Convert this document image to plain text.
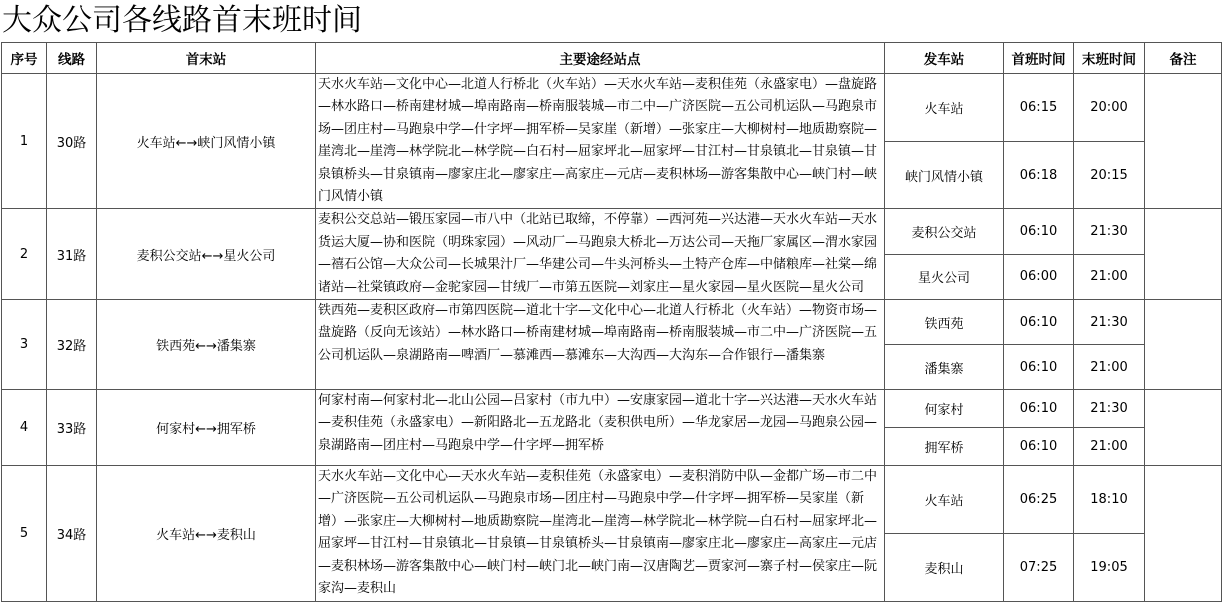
大众公司各线路首末班时间
序号	线路	首末站	主要途经站点	发车站	首班时间	末班时间	备注
1	30路	火车站←→峡门风情小镇	天水火车站—文化中心—北道人行桥北（火车站）—天水火车站—麦积佳苑（永盛家电）—盘旋路—林水路口—桥南建材城—埠南路南—桥南服装城—市二中—广济医院—五公司机运队—马跑泉市场—团庄村—马跑泉中学—什字坪—拥军桥—吴家崖（新增）—张家庄—大柳树村—地质勘察院—崖湾北—崖湾—林学院北—林学院—白石村—屈家坪北—屈家坪—甘江村—甘泉镇北—甘泉镇—甘泉镇桥头—甘泉镇南—廖家庄北—廖家庄—高家庄—元店—麦积林场—游客集散中心—峡门村—峡门风情小镇	火车站	06:15	20:00	
				峡门风情小镇	06:18	20:15	
2	31路	麦积公交站←→星火公司	麦积公交总站—锻压家园—市八中（北站已取缔，不停靠）—西河苑—兴达港—天水火车站—天水货运大厦—协和医院（明珠家园）—风动厂—马跑泉大桥北—万达公司—天拖厂家属区—渭水家园—禧石公馆—大众公司—长城果汁厂—华建公司—牛头河桥头—土特产仓库—中储粮库—社棠—绵诸站—社棠镇政府—金驼家园—甘绒厂—市第五医院—刘家庄—星火家园—星火医院—星火公司	麦积公交站	06:10	21:30	
				星火公司	06:00	21:00	
3	32路	铁西苑←→潘集寨	铁西苑—麦积区政府—市第四医院—道北十字—文化中心—北道人行桥北（火车站）—物资市场—盘旋路（反向无该站）—林水路口—桥南建材城—埠南路南—桥南服装城—市二中—广济医院—五公司机运队—泉湖路南—啤酒厂—慕滩西—慕滩东—大沟西—大沟东—合作银行—潘集寨	铁西苑	06:10	21:30	
				潘集寨	06:10	21:00	
4	33路	何家村←→拥军桥	何家村南—何家村北—北山公园—吕家村（市九中）—安康家园—道北十字—兴达港—天水火车站—麦积佳苑（永盛家电）—新阳路北—五龙路北（麦积供电所）—华龙家居—龙园—马跑泉公园—泉湖路南—团庄村—马跑泉中学—什字坪—拥军桥	何家村	06:10	21:30	
				拥军桥	06:10	21:00	
5	34路	火车站←→麦积山	天水火车站—文化中心—天水火车站—麦积佳苑（永盛家电）—麦积消防中队—金都广场—市二中—广济医院—五公司机运队—马跑泉市场—团庄村—马跑泉中学—什字坪—拥军桥—吴家崖（新增）—张家庄—大柳树村—地质勘察院—崖湾北—崖湾—林学院北—林学院—白石村—屈家坪北—屈家坪—甘江村—甘泉镇北—甘泉镇—甘泉镇桥头—甘泉镇南—廖家庄北—廖家庄—高家庄—元店—麦积林场—游客集散中心—峡门村—峡门北—峡门南—汉唐陶艺—贾家河—寨子村—侯家庄—阮家沟—麦积山	火车站	06:25	18:10	
				麦积山	07:25	19:05	
